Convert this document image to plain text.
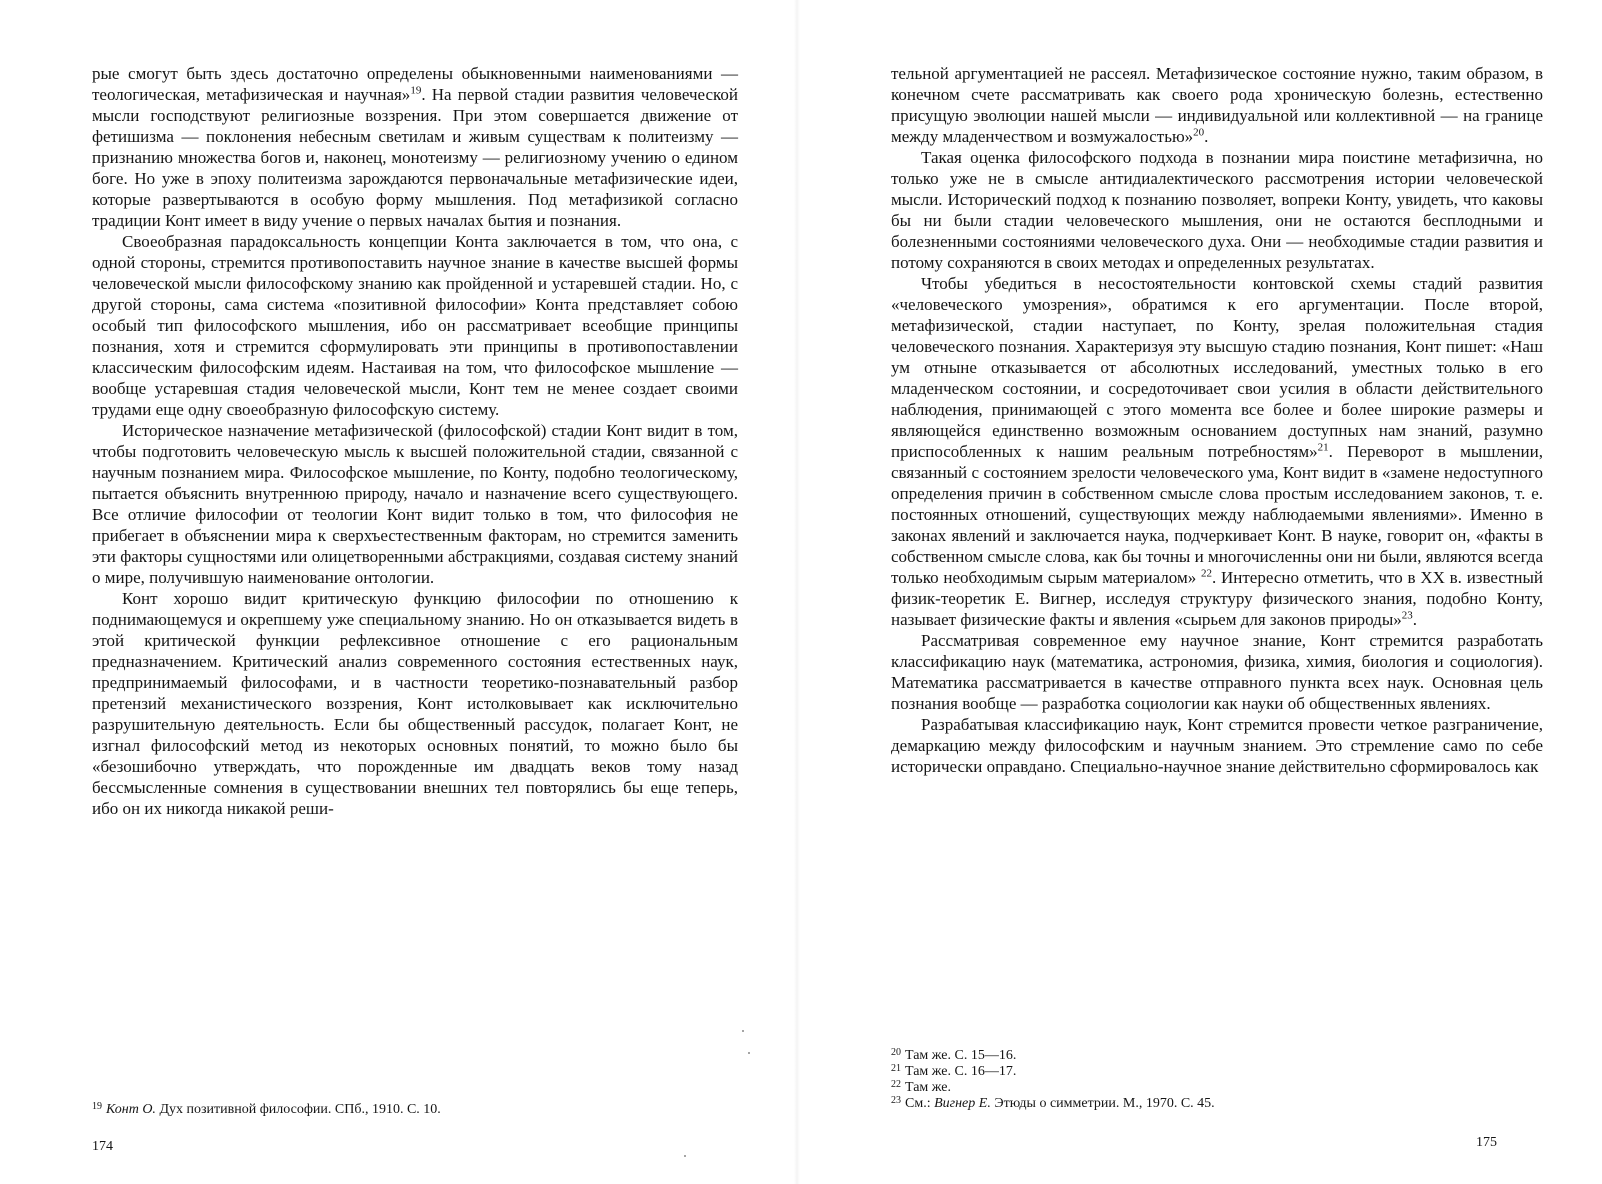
рые смогут быть здесь достаточно определены обыкновенными наименованиями — теологическая, метафизическая и научная»$^{19}$. На первой стадии развития человеческой мысли господствуют религиозные воззрения. При этом совершается движение от фетишизма — поклонения небесным светилам и живым существам к политеизму — признанию множества богов и, наконец, монотеизму — религиозному учению о едином боге. Но уже в эпоху политеизма зарождаются первоначальные метафизические идеи, которые развертываются в особую форму мышления. Под метафизикой согласно традиции Конт имеет в виду учение о первых началах бытия и познания.

Своеобразная парадоксальность концепции Конта заключается в том, что она, с одной стороны, стремится противопоставить научное знание в качестве высшей формы человеческой мысли философскому знанию как пройденной и устаревшей стадии. Но, с другой стороны, сама система «позитивной философии» Конта представляет собою особый тип философского мышления, ибо он рассматривает всеобщие принципы познания, хотя и стремится сформулировать эти принципы в противопоставлении классическим философским идеям. Настаивая на том, что философское мышление — вообще устаревшая стадия человеческой мысли, Конт тем не менее создает своими трудами еще одну своеобразную философскую систему.

Историческое назначение метафизической (философской) стадии Конт видит в том, чтобы подготовить человеческую мысль к высшей положительной стадии, связанной с научным познанием мира. Философское мышление, по Конту, подобно теологическому, пытается объяснить внутреннюю природу, начало и назначение всего существующего. Все отличие философии от теологии Конт видит только в том, что философия не прибегает в объяснении мира к сверхъестественным факторам, но стремится заменить эти факторы сущностями или олицетворенными абстракциями, создавая систему знаний о мире, получившую наименование онтологии.

Конт хорошо видит критическую функцию философии по отношению к поднимающемуся и окрепшему уже специальному знанию. Но он отказывается видеть в этой критической функции рефлексивное отношение с его рациональным предназначением. Критический анализ современного состояния естественных наук, предпринимаемый философами, и в частности теоретико-познавательный разбор претензий механистического воззрения, Конт истолковывает как исключительно разрушительную деятельность. Если бы общественный рассудок, полагает Конт, не изгнал философский метод из некоторых основных понятий, то можно было бы «безошибочно утверждать, что порожденные им двадцать веков тому назад бессмысленные сомнения в существовании внешних тел повторялись бы еще теперь, ибо он их никогда никакой реши-

19 Конт О. Дух позитивной философии. СПб., 1910. С. 10.
174

тельной аргументацией не рассеял. Метафизическое состояние нужно, таким образом, в конечном счете рассматривать как своего рода хроническую болезнь, естественно присущую эволюции нашей мысли — индивидуальной или коллективной — на границе между младенчеством и возмужалостью»$^{20}$.

Такая оценка философского подхода в познании мира поистине метафизична, но только уже не в смысле антидиалектического рассмотрения истории человеческой мысли. Исторический подход к познанию позволяет, вопреки Конту, увидеть, что каковы бы ни были стадии человеческого мышления, они не остаются бесплодными и болезненными состояниями человеческого духа. Они — необходимые стадии развития и потому сохраняются в своих методах и определенных результатах.

Чтобы убедиться в несостоятельности контовской схемы стадий развития «человеческого умозрения», обратимся к его аргументации. После второй, метафизической, стадии наступает, по Конту, зрелая положительная стадия человеческого познания. Характеризуя эту высшую стадию познания, Конт пишет: «Наш ум отныне отказывается от абсолютных исследований, уместных только в его младенческом состоянии, и сосредоточивает свои усилия в области действительного наблюдения, принимающей с этого момента все более и более широкие размеры и являющейся единственно возможным основанием доступных нам знаний, разумно приспособленных к нашим реальным потребностям»$^{21}$. Переворот в мышлении, связанный с состоянием зрелости человеческого ума, Конт видит в «замене недоступного определения причин в собственном смысле слова простым исследованием законов, т. е. постоянных отношений, существующих между наблюдаемыми явлениями». Именно в законах явлений и заключается наука, подчеркивает Конт. В науке, говорит он, «факты в собственном смысле слова, как бы точны и многочисленны они ни были, являются всегда только необходимым сырым материалом» $^{22}$. Интересно отметить, что в XX в. известный физик-теоретик Е. Вигнер, исследуя структуру физического знания, подобно Конту, называет физические факты и явления «сырьем для законов природы»$^{23}$.

Рассматривая современное ему научное знание, Конт стремится разработать классификацию наук (математика, астрономия, физика, химия, биология и социология). Математика рассматривается в качестве отправного пункта всех наук. Основная цель познания вообще — разработка социологии как науки об общественных явлениях.

Разрабатывая классификацию наук, Конт стремится провести четкое разграничение, демаркацию между философским и научным знанием. Это стремление само по себе исторически оправдано. Специально-научное знание действительно сформировалось как

20 Там же. С. 15—16.
21 Там же. С. 16—17.
22 Там же.
23 См.: Вигнер Е. Этюды о симметрии. М., 1970. С. 45.
175
